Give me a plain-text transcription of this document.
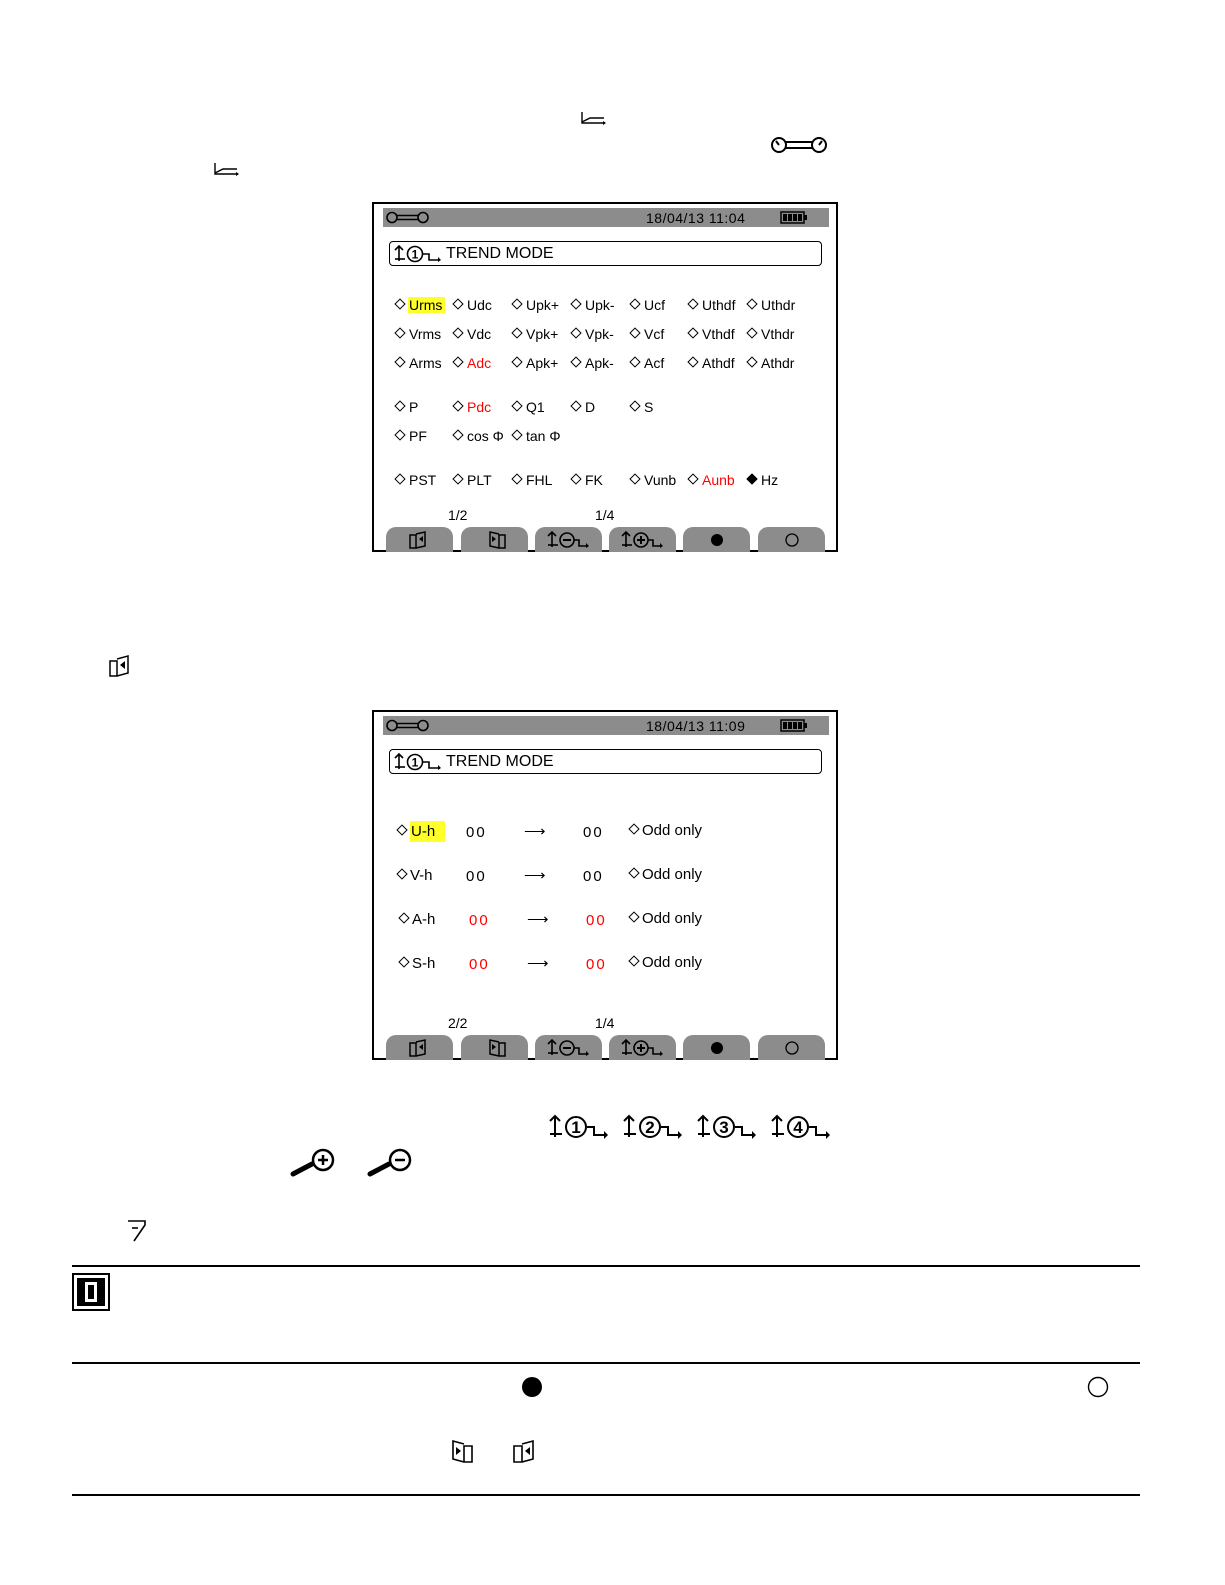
18/04/13 11:04
1 TREND MODE
Urms	Udc	Upk+	Upk-	Ucf	Uthdf	Uthdr
Vrms	Vdc	Vpk+	Vpk-	Vcf	Vthdf	Vthdr
Arms	Adc	Apk+	Apk-	Acf	Athdf	Athdr
P	Pdc	Q1	D	S
PF	cos Φ	tan Φ
PST	PLT	FHL	FK	Vunb	Aunb	Hz
1/2	1/4
18/04/13 11:09
1 TREND MODE
U-h	00 ⟶ 00	Odd only
V-h 00 ⟶ 00	Odd only
A-h 00 ⟶ 00	Odd only
S-h 00 ⟶ 00	Odd only
2/2	1/4
1	2	3	4
